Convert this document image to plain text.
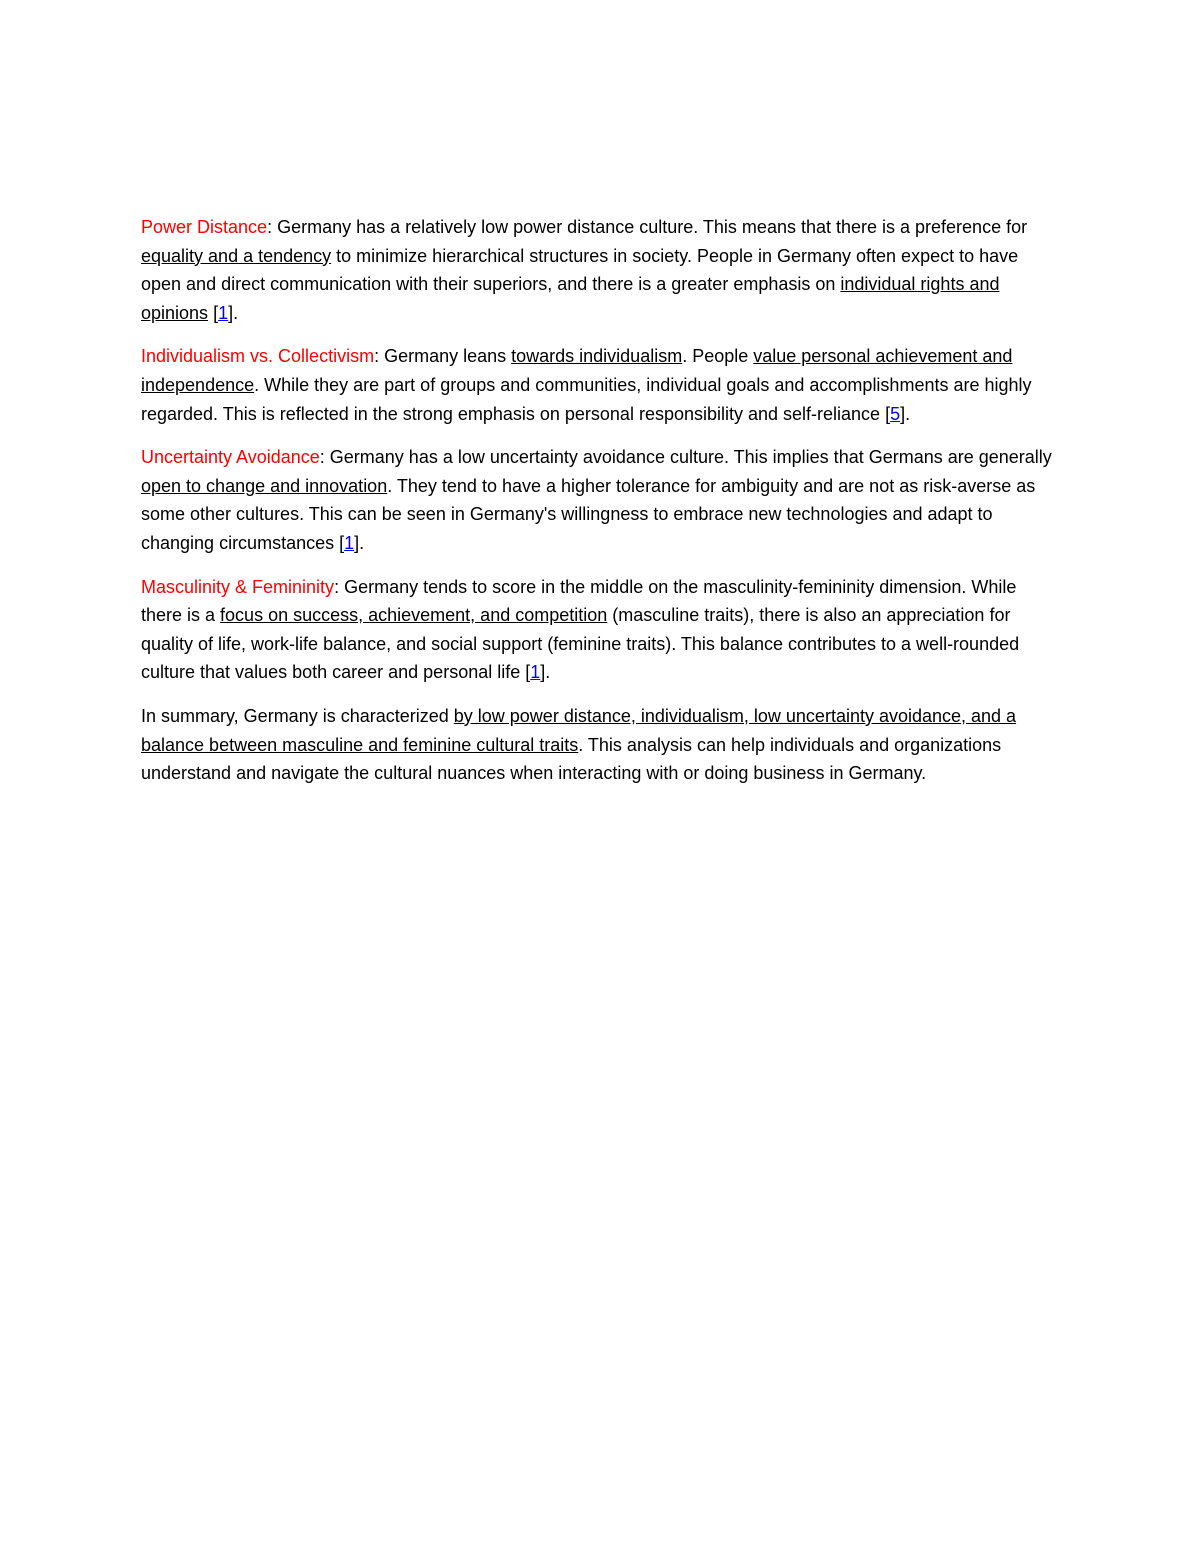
Power Distance: Germany has a relatively low power distance culture. This means that there is a preference for equality and a tendency to minimize hierarchical structures in society. People in Germany often expect to have open and direct communication with their superiors, and there is a greater emphasis on individual rights and opinions [1].

Individualism vs. Collectivism: Germany leans towards individualism. People value personal achievement and independence. While they are part of groups and communities, individual goals and accomplishments are highly regarded. This is reflected in the strong emphasis on personal responsibility and self-reliance [5].

Uncertainty Avoidance: Germany has a low uncertainty avoidance culture. This implies that Germans are generally open to change and innovation. They tend to have a higher tolerance for ambiguity and are not as risk-averse as some other cultures. This can be seen in Germany's willingness to embrace new technologies and adapt to changing circumstances [1].

Masculinity & Femininity: Germany tends to score in the middle on the masculinity-femininity dimension. While there is a focus on success, achievement, and competition (masculine traits), there is also an appreciation for quality of life, work-life balance, and social support (feminine traits). This balance contributes to a well-rounded culture that values both career and personal life [1].

In summary, Germany is characterized by low power distance, individualism, low uncertainty avoidance, and a balance between masculine and feminine cultural traits. This analysis can help individuals and organizations understand and navigate the cultural nuances when interacting with or doing business in Germany.
